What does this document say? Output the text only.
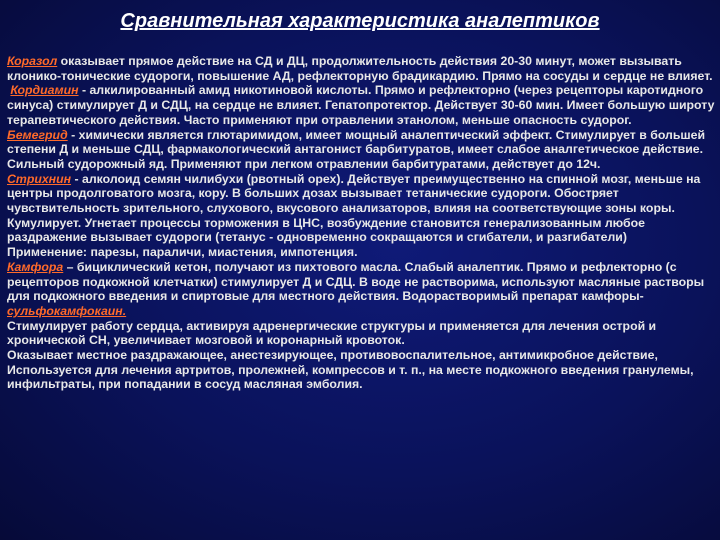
Сравнительная характеристика аналептиков

Коразол оказывает прямое действие на СД и ДЦ, продолжительность действия 20-30 минут, может вызывать клонико-тонические судороги, повышение АД, рефлекторную брадикардию. Прямо на сосуды и сердце не влияет.

Кордиамин - алкилированный амид никотиновой кислоты. Прямо и рефлекторно (через рецепторы каротидного синуса) стимулирует Д и СДЦ, на сердце не влияет. Гепатопротектор. Действует 30-60 мин. Имеет большую широту терапевтического действия. Часто применяют при отравлении этанолом, меньше опасность судорог.

Бемегрид - химически является глютаримидом, имеет мощный аналептический эффект. Стимулирует в большей степени Д и меньше СДЦ, фармакологический антагонист барбитуратов, имеет слабое аналгетическое действие. Сильный судорожный яд. Применяют при легком отравлении барбитуратами, действует до 12ч.

Стрихнин - алколоид семян чилибухи (рвотный орех). Действует преимущественно на спинной мозг, меньше на центры продолговатого мозга, кору. В больших дозах вызывает тетанические судороги. Обостряет чувствительность зрительного, слухового, вкусового анализаторов, влияя на соответствующие зоны коры. Кумулирует. Угнетает процессы торможения в ЦНС, возбуждение становится генерализованным любое раздражение вызывает судороги (тетанус - одновременно сокращаются и сгибатели, и разгибатели)

Применение: парезы, параличи, миастения, импотенция.

Камфора – бициклический кетон, получают из пихтового масла. Слабый аналептик. Прямо и рефлекторно (с рецепторов подкожной клетчатки) стимулирует Д и СДЦ. В воде не растворима, используют масляные растворы для подкожного введения и спиртовые для местного действия. Водорастворимый препарат камфоры-

сульфокамфокаин.

Стимулирует работу сердца, активируя адренергические структуры и применяется для лечения острой и хронической СН, увеличивает мозговой и коронарный кровоток.

Оказывает местное раздражающее, анестезирующее, противовоспалительное, антимикробное действие,

Используется для лечения артритов, пролежней, компрессов и т. п., на месте подкожного введения гранулемы, инфильтраты, при попадании в сосуд масляная эмболия.
